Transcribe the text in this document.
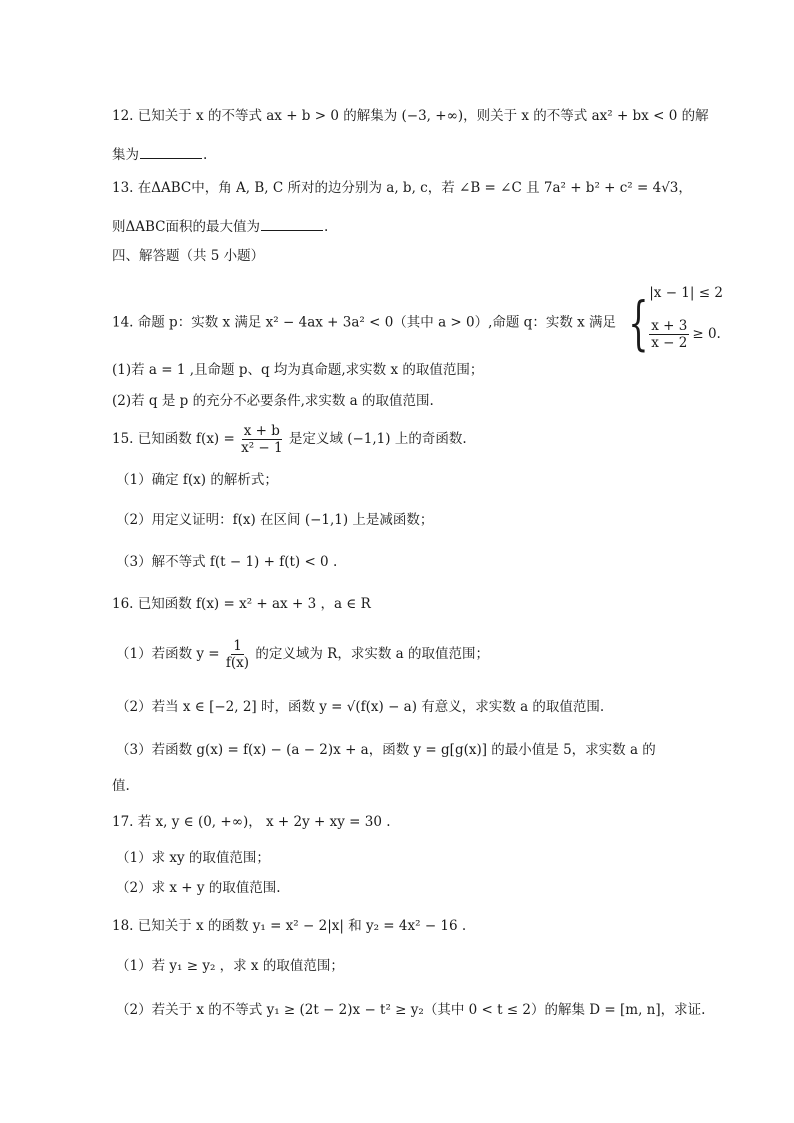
12. 已知关于 x 的不等式 ax + b > 0 的解集为 (−3, +∞)，则关于 x 的不等式 ax² + bx < 0 的解
集为	.
13. 在ΔABC中，角 A, B, C 所对的边分别为 a, b, c，若 ∠B = ∠C 且 7a² + b² + c² = 4√3，
则ΔABC面积的最大值为	.
四、解答题（共 5 小题）
14. 命题 p：实数 x 满足 x² − 4ax + 3a² < 0（其中 a > 0）,命题 q：实数 x 满足 { |x − 1| ≤ 2
$\frac{x + 3}{x - 2} \ge 0$ .
(1)若 a = 1 ,且命题 p、q 均为真命题,求实数 x 的取值范围；
(2)若 q 是 p 的充分不必要条件,求实数 a 的取值范围.
15. 已知函数 $f(x) = \frac{x + b}{\text{x² − 1}}$ 是定义域 (−1,1) 上的奇函数.
（1）确定 f(x) 的解析式；
（2）用定义证明：f(x) 在区间 (−1,1) 上是减函数；
（3）解不等式 f(t − 1) + f(t) < 0 .
16. 已知函数 f(x) = x² + ax + 3 ，a ∈ R
（1）若函数 $y = \frac{1}{f(x)}$ 的定义域为 R，求实数 a 的取值范围；
（2）若当 x ∈ [−2, 2] 时，函数 y = √(f(x) − a) 有意义，求实数 a 的取值范围.
（3）若函数 g(x) = f(x) − (a − 2)x + a，函数 y = g[g(x)] 的最小值是 5，求实数 a 的
值.
17. 若 x, y ∈ (0, +∞)， x + 2y + xy = 30 .
（1）求 xy 的取值范围；
（2）求 x + y 的取值范围.
18. 已知关于 x 的函数 y₁ = x² − 2|x| 和 y₂ = 4x² − 16 .
（1）若 y₁ ≥ y₂ ，求 x 的取值范围；
（2）若关于 x 的不等式 y₁ ≥ (2t − 2)x − t² ≥ y₂（其中 0 < t ≤ 2）的解集 D = [m, n]，求证.
